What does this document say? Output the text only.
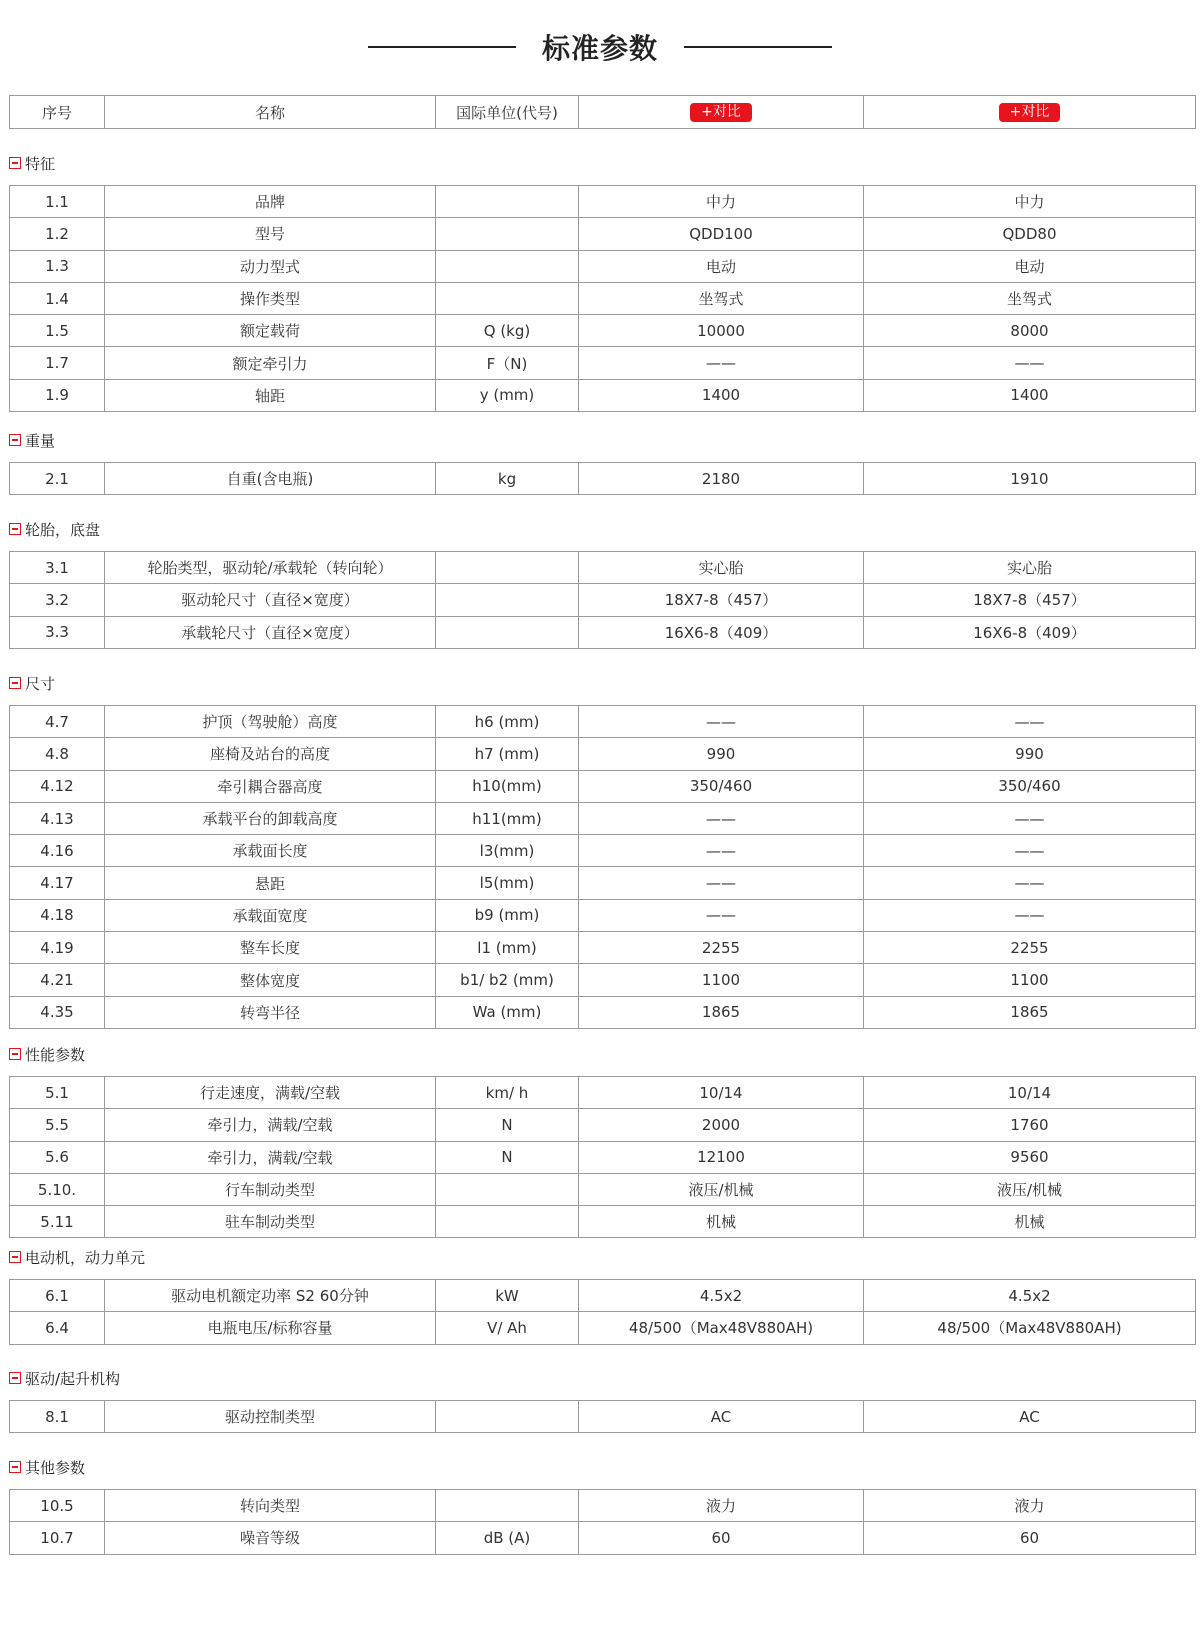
标准参数
序号	名称	国际单位(代号)	+对比	+对比
特征
1.1	品牌		中力	中力
1.2	型号		QDD100	QDD80
1.3	动力型式		电动	电动
1.4	操作类型		坐驾式	坐驾式
1.5	额定载荷	Q (kg)	10000	8000
1.7	额定牵引力	F（N)	——	——
1.9	轴距	y (mm)	1400	1400
重量
2.1	自重(含电瓶)	kg	2180	1910
轮胎，底盘
3.1	轮胎类型，驱动轮/承载轮（转向轮）		实心胎	实心胎
3.2	驱动轮尺寸（直径×宽度）		18X7-8（457）	18X7-8（457）
3.3	承载轮尺寸（直径×宽度）		16X6-8（409）	16X6-8（409）
尺寸
4.7	护顶（驾驶舱）高度	h6 (mm)	——	——
4.8	座椅及站台的高度	h7 (mm)	990	990
4.12	牵引耦合器高度	h10(mm)	350/460	350/460
4.13	承载平台的卸载高度	h11(mm)	——	——
4.16	承载面长度	l3(mm)	——	——
4.17	悬距	l5(mm)	——	——
4.18	承载面宽度	b9 (mm)	——	——
4.19	整车长度	l1 (mm)	2255	2255
4.21	整体宽度	b1/ b2 (mm)	1100	1100
4.35	转弯半径	Wa (mm)	1865	1865
性能参数
5.1	行走速度，满载/空载	km/ h	10/14	10/14
5.5	牵引力，满载/空载	N	2000	1760
5.6	牵引力，满载/空载	N	12100	9560
5.10.	行车制动类型		液压/机械	液压/机械
5.11	驻车制动类型		机械	机械
电动机，动力单元
6.1	驱动电机额定功率 S2 60分钟	kW	4.5x2	4.5x2
6.4	电瓶电压/标称容量	V/ Ah	48/500（Max48V880AH)	48/500（Max48V880AH)
驱动/起升机构
8.1	驱动控制类型		AC	AC
其他参数
10.5	转向类型		液力	液力
10.7	噪音等级	dB (A)	60	60
